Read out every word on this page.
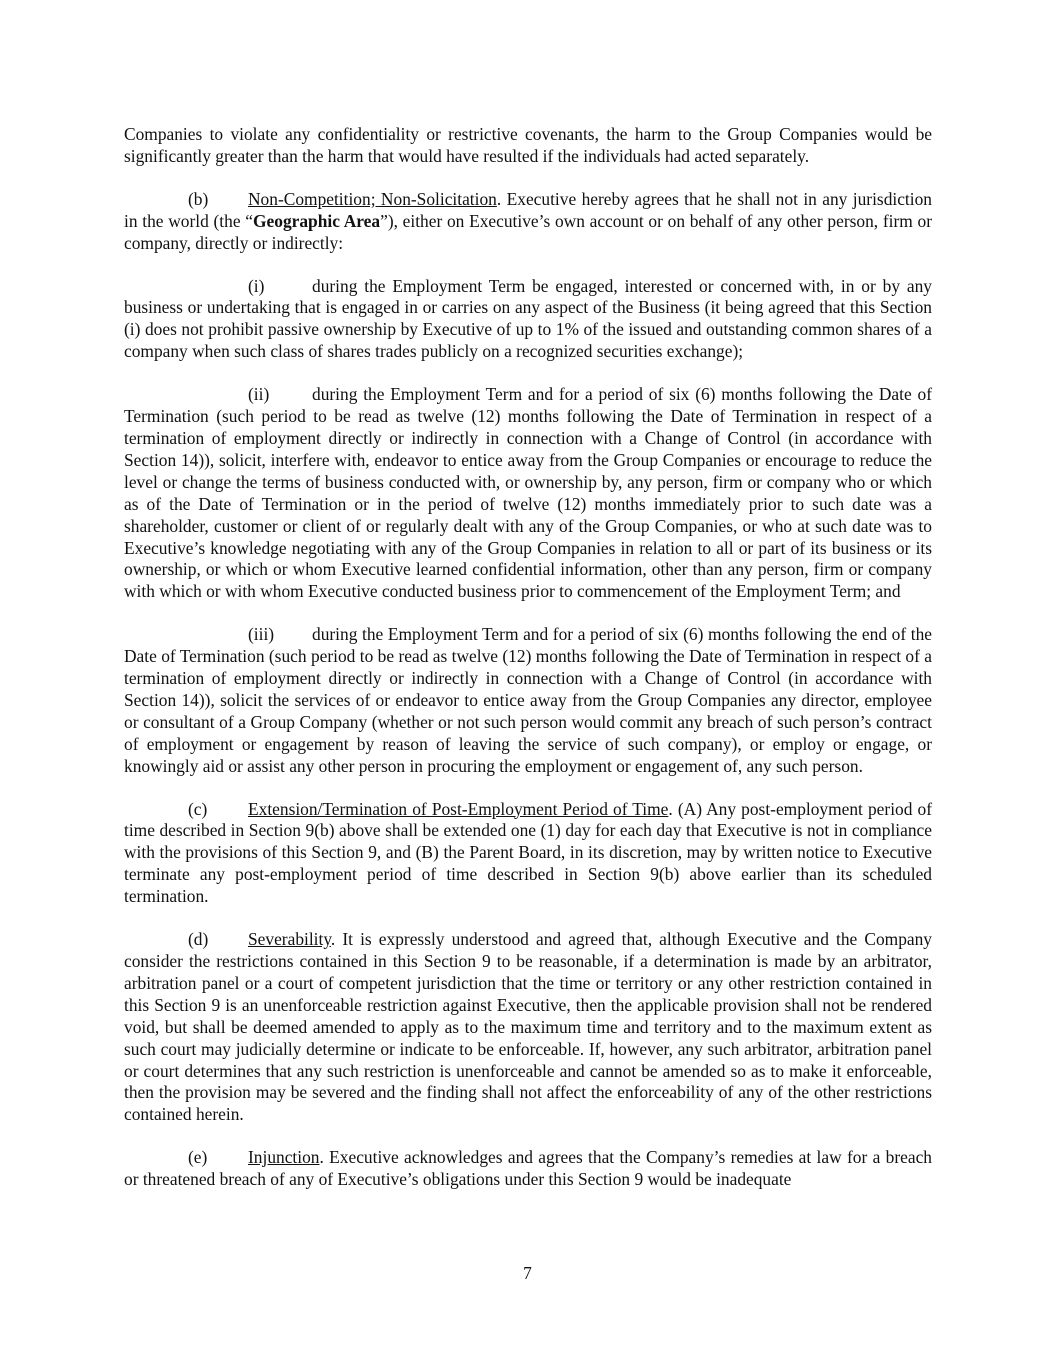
Companies to violate any confidentiality or restrictive covenants, the harm to the Group Companies would be significantly greater than the harm that would have resulted if the individuals had acted separately.

(b) Non-Competition; Non-Solicitation. Executive hereby agrees that he shall not in any jurisdiction in the world (the “Geographic Area”), either on Executive’s own account or on behalf of any other person, firm or company, directly or indirectly:

(i)	during the Employment Term be engaged, interested or concerned with, in or by any business or undertaking that is engaged in or carries on any aspect of the Business (it being agreed that this Section (i) does not prohibit passive ownership by Executive of up to 1% of the issued and outstanding common shares of a company when such class of shares trades publicly on a recognized securities exchange);

(ii) during the Employment Term and for a period of six (6) months following the Date of Termination (such period to be read as twelve (12) months following the Date of Termination in respect of a termination of employment directly or indirectly in connection with a Change of Control (in accordance with Section 14)), solicit, interfere with, endeavor to entice away from the Group Companies or encourage to reduce the level or change the terms of business conducted with, or ownership by, any person, firm or company who or which as of the Date of Termination or in the period of twelve (12) months immediately prior to such date was a shareholder, customer or client of or regularly dealt with any of the Group Companies, or who at such date was to Executive’s knowledge negotiating with any of the Group Companies in relation to all or part of its business or its ownership, or which or whom Executive learned confidential information, other than any person, firm or company with which or with whom Executive conducted business prior to commencement of the Employment Term; and

(iii) during the Employment Term and for a period of six (6) months following the end of the Date of Termination (such period to be read as twelve (12) months following the Date of Termination in respect of a termination of employment directly or indirectly in connection with a Change of Control (in accordance with Section 14)), solicit the services of or endeavor to entice away from the Group Companies any director, employee or consultant of a Group Company (whether or not such person would commit any breach of such person’s contract of employment or engagement by reason of leaving the service of such company), or employ or engage, or knowingly aid or assist any other person in procuring the employment or engagement of, any such person.

(c) Extension/Termination of Post-Employment Period of Time. (A) Any post-employment period of time described in Section 9(b) above shall be extended one (1) day for each day that Executive is not in compliance with the provisions of this Section 9, and (B) the Parent Board, in its discretion, may by written notice to Executive terminate any post-employment period of time described in Section 9(b) above earlier than its scheduled termination.

(d) Severability. It is expressly understood and agreed that, although Executive and the Company consider the restrictions contained in this Section 9 to be reasonable, if a determination is made by an arbitrator, arbitration panel or a court of competent jurisdiction that the time or territory or any other restriction contained in this Section 9 is an unenforceable restriction against Executive, then the applicable provision shall not be rendered void, but shall be deemed amended to apply as to the maximum time and territory and to the maximum extent as such court may judicially determine or indicate to be enforceable. If, however, any such arbitrator, arbitration panel or court determines that any such restriction is unenforceable and cannot be amended so as to make it enforceable, then the provision may be severed and the finding shall not affect the enforceability of any of the other restrictions contained herein.

(e) Injunction. Executive acknowledges and agrees that the Company’s remedies at law for a breach or threatened breach of any of Executive’s obligations under this Section 9 would be inadequate

7
